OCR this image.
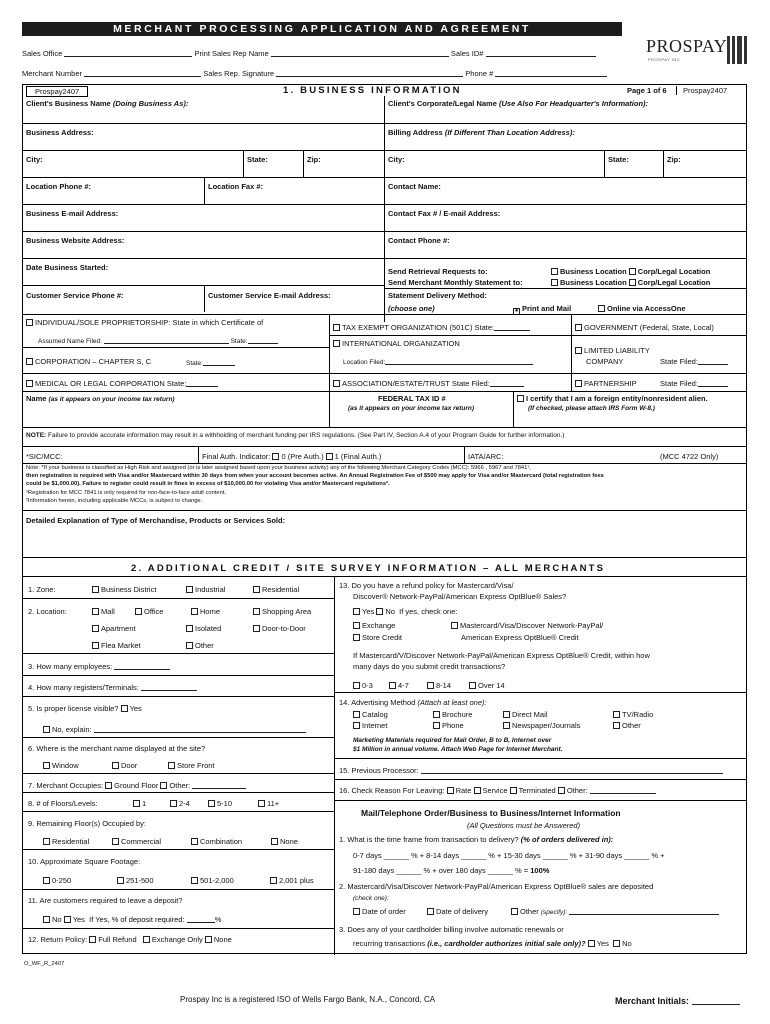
MERCHANT PROCESSING APPLICATION AND AGREEMENT
PROSPAY
PROSPAY INC
Sales Office	Print Sales Rep Name	Sales ID#
Merchant Number	Sales Rep. Signature	Phone #
Prospay2407	1. BUSINESS INFORMATION	Page 1 of 6	Prospay2407
Client's Business Name (Doing Business As):	Client's Corporate/Legal Name (Use Also For Headquarter's Information):
Business Address:	Billing Address (If Different Than Location Address):
City:	State:	Zip:	City:	State:	Zip:
Location Phone #:	Location Fax #:	Contact Name:
Business E-mail Address:	Contact Fax # / E-mail Address:
Business Website Address:	Contact Phone #:
Date Business Started:	Send Retrieval Requests to:	Business Location Corp/Legal Location
Send Merchant Monthly Statement to:	Business Location Corp/Legal Location
Customer Service Phone #:	Customer Service E-mail Address:	Statement Delivery Method:
(choose one)	● Print and Mail	Online via AccessOne
INDIVIDUAL/SOLE PROPRIETORSHIP: State in which Certificate of
Assumed Name Filed:	State:
CORPORATION – CHAPTER S, C	State:
MEDICAL OR LEGAL CORPORATION State:
TAX EXEMPT ORGANIZATION (501C) State:
INTERNATIONAL ORGANIZATION
Location Filed:
ASSOCIATION/ESTATE/TRUST State Filed:
GOVERNMENT (Federal, State, Local)
LIMITED LIABILITY
COMPANY	State Filed:
PARTNERSHIP	State Filed:
Name (as it appears on your income tax return)	FEDERAL TAX ID #
(as it appears on your income tax return)
I certify that I am a foreign entity/nonresident alien.
(If checked, please attach IRS Form W-8.)
NOTE: Failure to provide accurate information may result in a withholding of merchant funding per IRS regulations. (See Part IV, Section A.4 of your Program Guide for further information.)
*SIC/MCC:	Final Auth. Indicator: 0 (Pre Auth.) 1 (Final Auth.)	IATA/ARC:	(MCC 4722 Only)
Note: *If your business is classified as High Risk and assigned (or is later assigned based upon your business activity) any of the following Merchant Category Codes (MCC): 5966 , 5967 and 7841¹,
then registration is required with Visa and/or Mastercard within 30 days from when your account becomes active. An Annual Registration Fee of $500 may apply for Visa and/or Mastercard (total registration fees
could be $1,000.00). Failure to register could result in fines in excess of $10,000.00 for violating Visa and/or Mastercard regulations².
¹Registration for MCC 7841 is only required for non-face-to-face adult content.
²Information herein, including applicable MCCs, is subject to change.
Detailed Explanation of Type of Merchandise, Products or Services Sold:
2. ADDITIONAL CREDIT / SITE SURVEY INFORMATION – ALL MERCHANTS
1. Zone:	Business District	Industrial	Residential
2. Location:	Mall	Office	Home	Shopping Area
Apartment	Isolated	Door-to-Door
Flea Market	Other
3. How many employees:
4. How many registers/Terminals:
5. Is proper license visible? Yes
No, explain:
6. Where is the merchant name displayed at the site?
Window	Door	Store Front
7. Merchant Occupies: Ground Floor Other:
8. # of Floors/Levels:	1	2-4	5-10	11+
9. Remaining Floor(s) Occupied by:
Residential	Commercial	Combination	None
10. Approximate Square Footage:
0-250	251-500	501-2,000	2,001 plus
11. Are customers required to leave a deposit?
No Yes If Yes, % of deposit required:	%
12. Return Policy: Full Refund Exchange Only None
13. Do you have a refund policy for Mastercard/Visa/
Discover® Network-PayPal/American Express OptBlue® Sales?
Yes No If yes, check one:
Exchange	Mastercard/Visa/Discover Network-PayPal/
Store Credit	American Express OptBlue® Credit
If Mastercard/V/Discover Network-PayPal/American Express OptBlue® Credit, within how
many days do you submit credit transactions?
0-3	4-7	8-14	Over 14
14. Advertising Method (Attach at least one):
Catalog	Brochure	Direct Mail	TV/Radio
Internet	Phone	Newspaper/Journals	Other
Marketing Materials required for Mail Order, B to B, Internet over
$1 Million in annual volume. Attach Web Page for Internet Merchant.
15. Previous Processor:
16. Check Reason For Leaving: Rate Service Terminated Other:
Mail/Telephone Order/Business to Business/Internet Information
(All Questions must be Answered)
1. What is the time frame from transaction to delivery? (% of orders delivered in):
0-7 days ______ % + 8-14 days ______ % + 15-30 days ______ % + 31-90 days ______ % +
91-180 days ______ % + over 180 days ______ % = 100%
2. Mastercard/Visa/Discover Network-PayPal/American Express OptBlue® sales are deposited
(check one):
Date of order	Date of delivery	Other (specify):
3. Does any of your cardholder billing involve automatic renewals or
recurring transactions (i.e., cardholder authorizes initial sale only)? Yes No
O_WF_R_2407
Prospay Inc is a registered ISO of Wells Fargo Bank, N.A., Concord, CA	Merchant Initials:
